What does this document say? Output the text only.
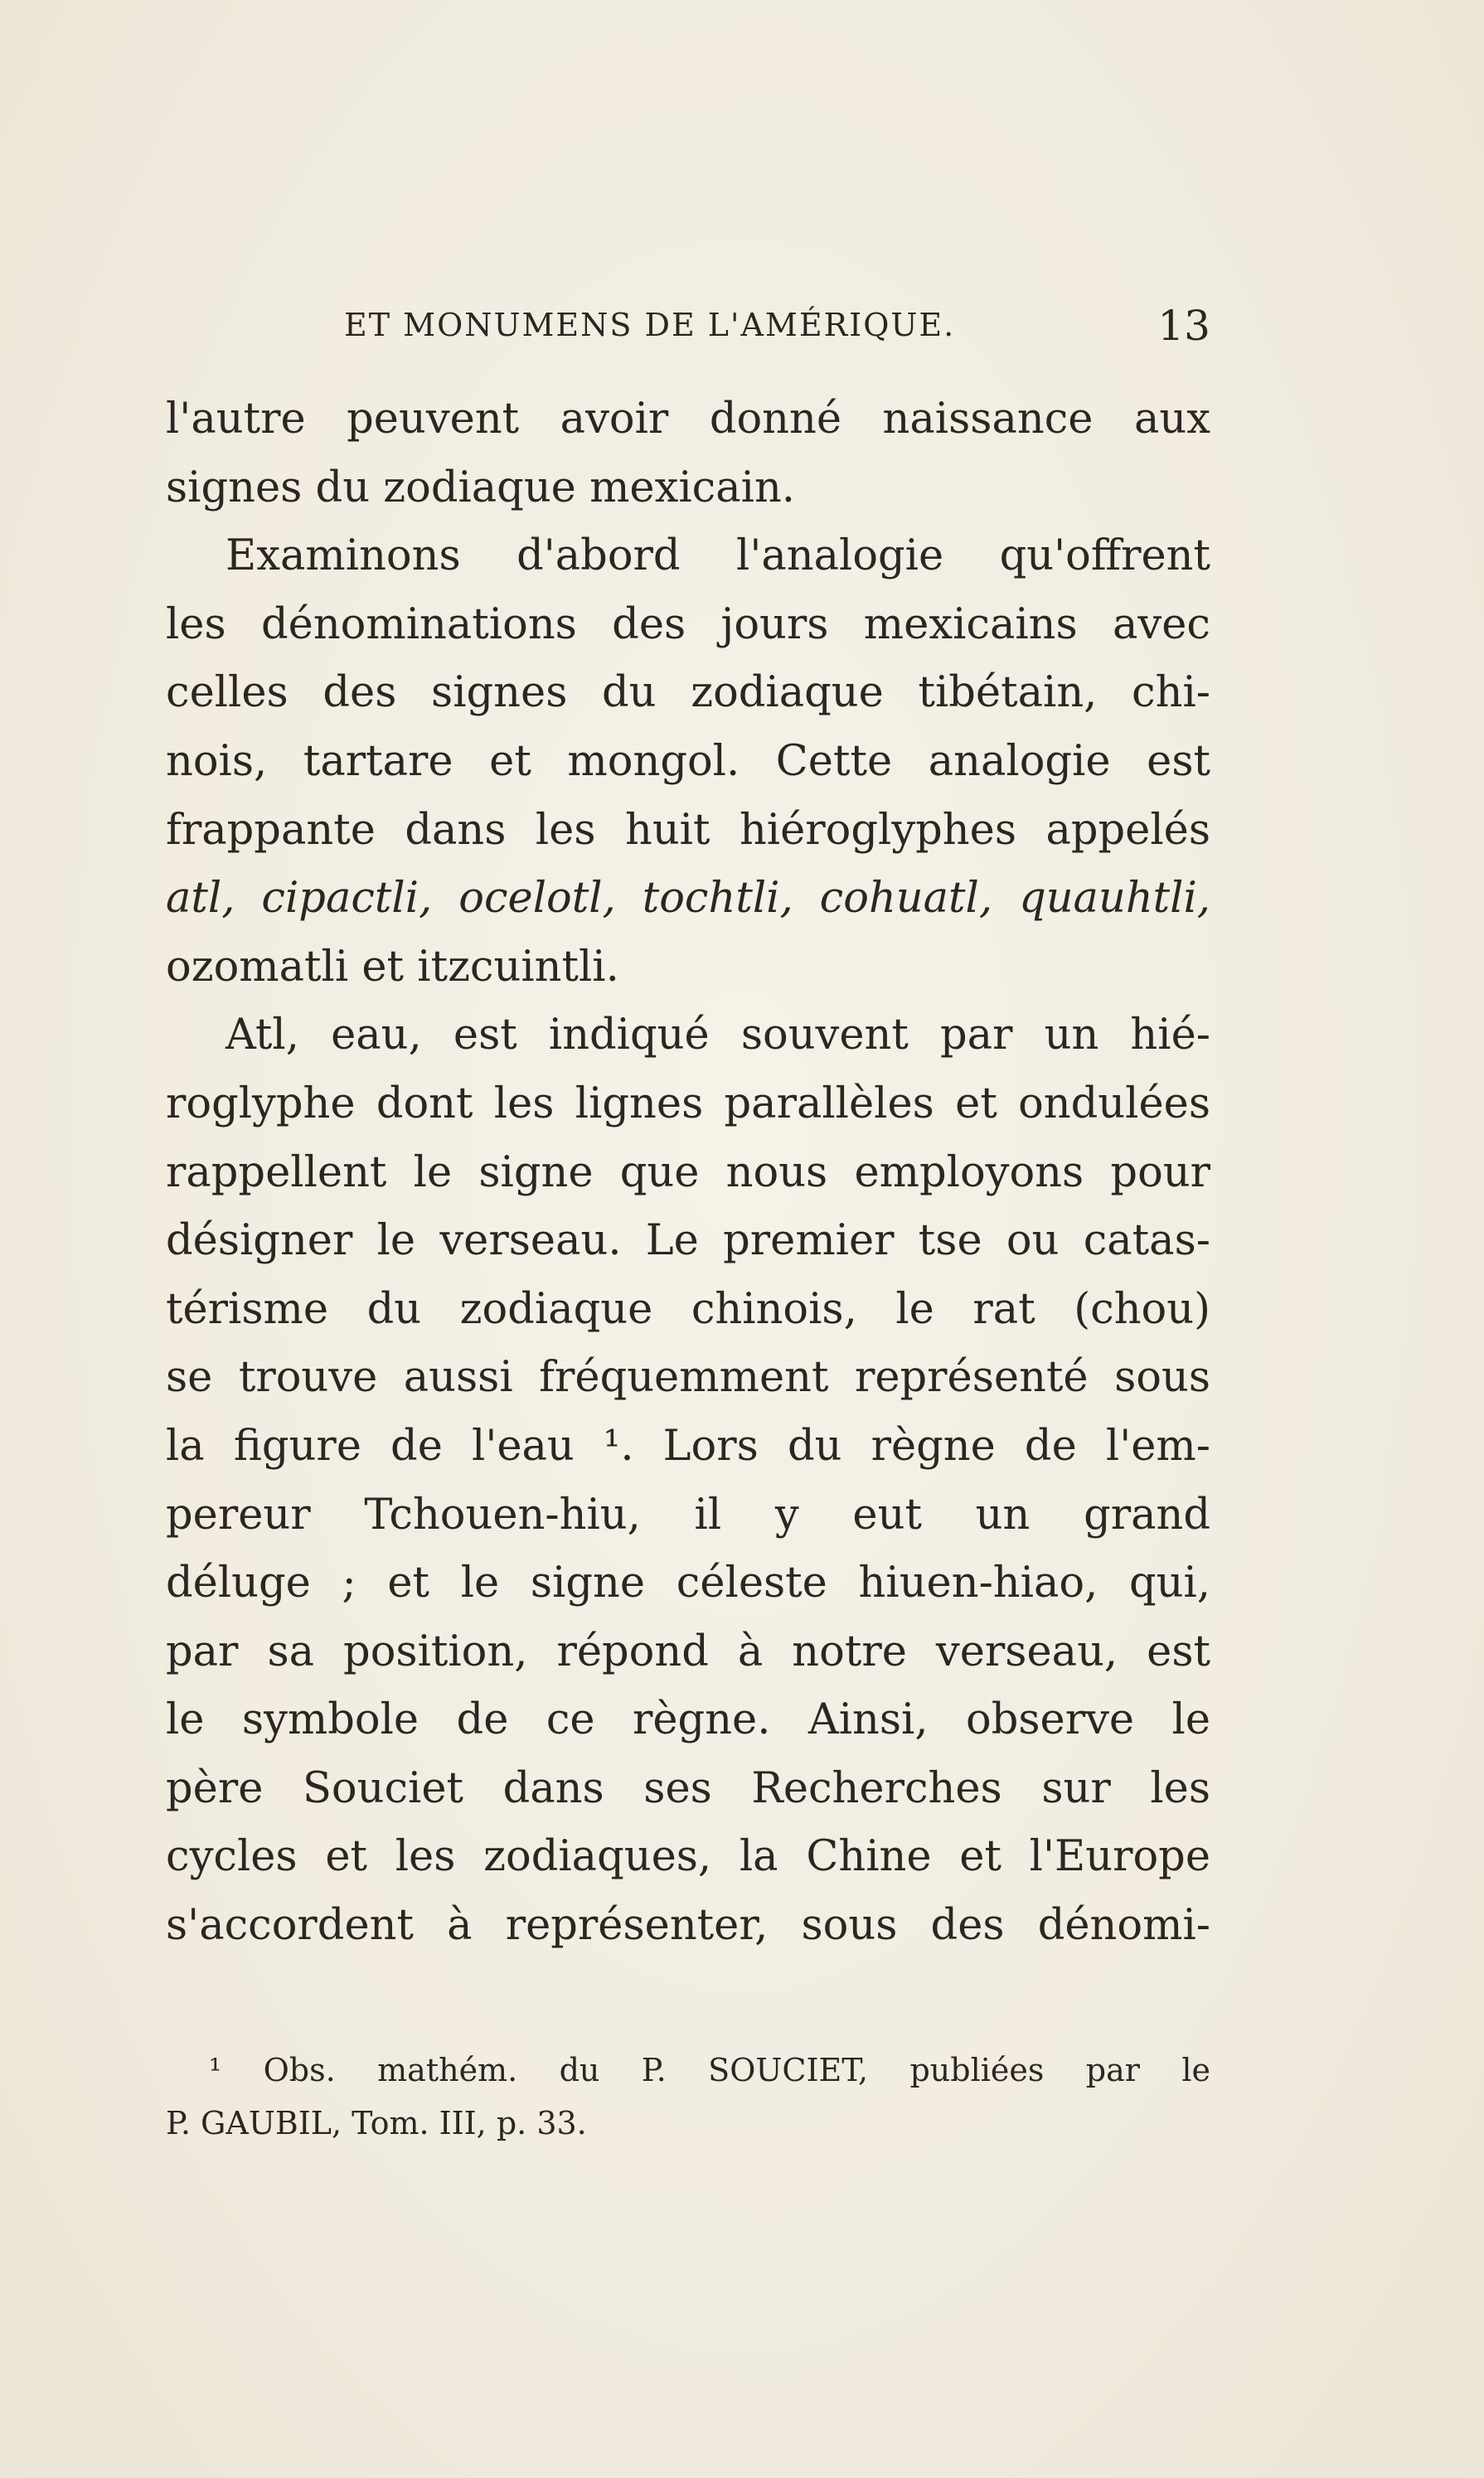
ET MONUMENS DE L'AMÉRIQUE.	13
l'autre peuvent avoir donné naissance aux
signes du zodiaque mexicain.
Examinons d'abord l'analogie qu'offrent
les dénominations des jours mexicains avec
celles des signes du zodiaque tibétain, chi-
nois, tartare et mongol. Cette analogie est
frappante dans les huit hiéroglyphes appelés
atl, cipactli, ocelotl, tochtli, cohuatl, quauhtli,
ozomatli et itzcuintli.
Atl, eau, est indiqué souvent par un hié-
roglyphe dont les lignes parallèles et ondulées
rappellent le signe que nous employons pour
désigner le verseau. Le premier tse ou catas-
térisme du zodiaque chinois, le rat (chou)
se trouve aussi fréquemment représenté sous
la figure de l'eau ¹. Lors du règne de l'em-
pereur Tchouen-hiu, il y eut un grand
déluge ; et le signe céleste hiuen-hiao, qui,
par sa position, répond à notre verseau, est
le symbole de ce règne. Ainsi, observe le
père Souciet dans ses Recherches sur les
cycles et les zodiaques, la Chine et l'Europe
s'accordent à représenter, sous des dénomi-
¹ Obs. mathém. du P. SOUCIET, publiées par le
P. GAUBIL, Tom. III, p. 33.
